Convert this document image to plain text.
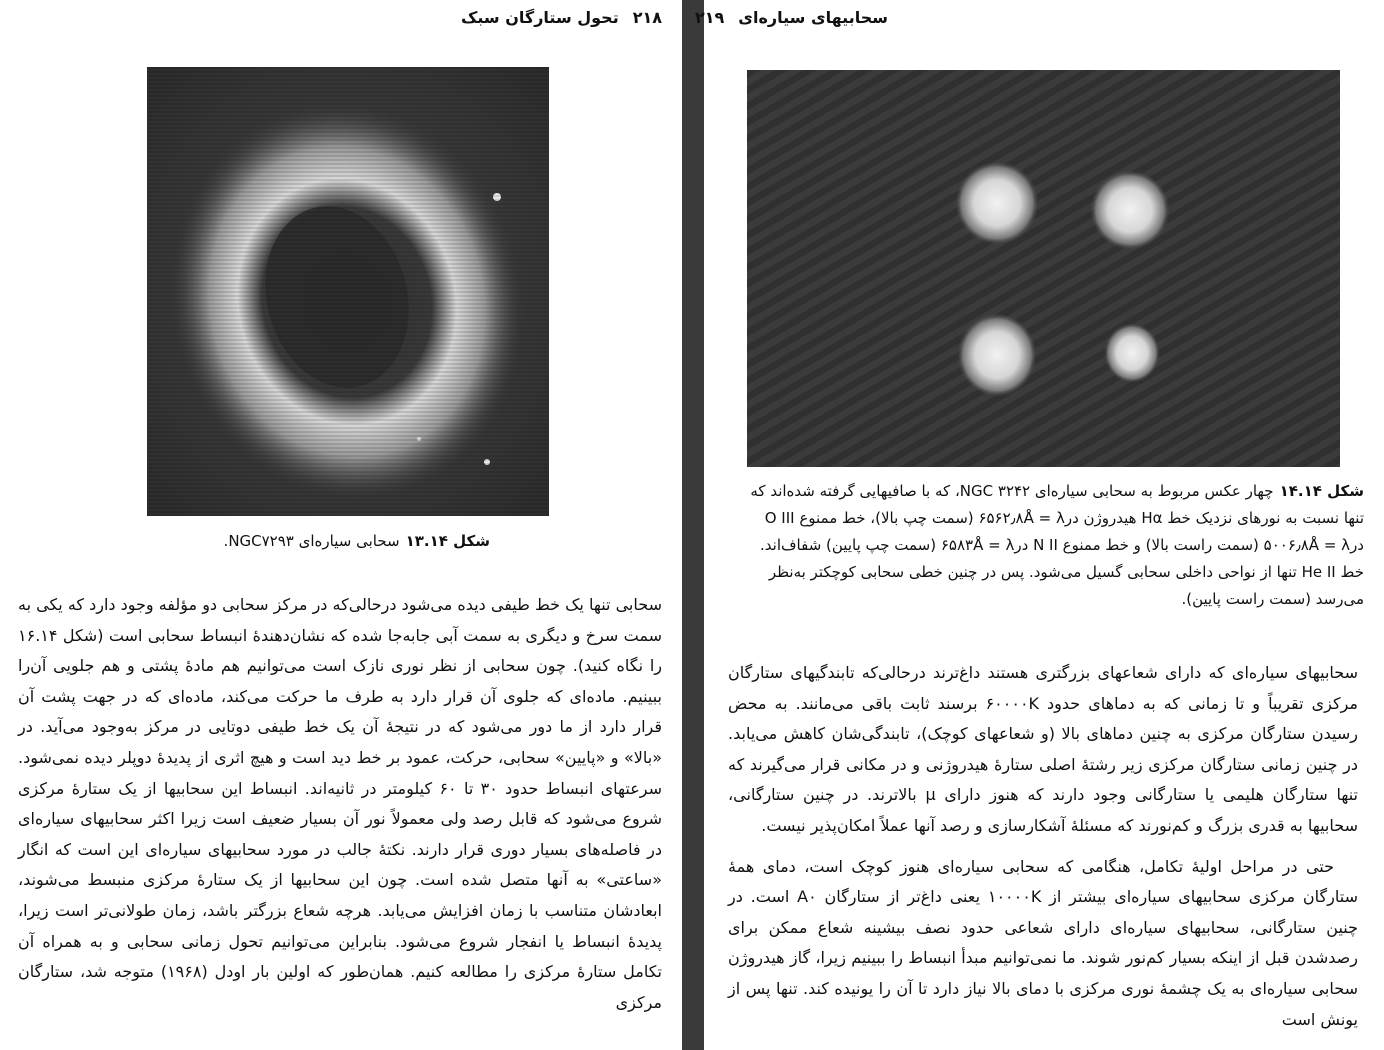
۲۱۸تحول ستارگان سبک
شکل ۱۳.۱۴سحابی سیاره‌ای NGC۷۲۹۳.

سحابی تنها یک خط طیفی دیده می‌شود درحالی‌که در مرکز سحابی دو مؤلفه وجود دارد که یکی به سمت سرخ و دیگری به سمت آبی جابه‌جا شده که نشان‌دهندهٔ انبساط سحابی است (شکل ۱۶.۱۴ را نگاه کنید). چون سحابی از نظر نوری نازک است می‌توانیم هم مادهٔ پشتی و هم جلویی آن‌را ببینیم. ماده‌ای که جلوی آن قرار دارد به طرف ما حرکت می‌کند، ماده‌ای که در جهت پشت آن قرار دارد از ما دور می‌شود که در نتیجهٔ آن یک خط طیفی دوتایی در مرکز به‌وجود می‌آید. در «بالا» و «پایین» سحابی، حرکت، عمود بر خط دید است و هیچ اثری از پدیدهٔ دوپلر دیده نمی‌شود. سرعتهای انبساط حدود ۳۰ تا ۶۰ کیلومتر در ثانیه‌اند. انبساط این سحابیها از یک ستارهٔ مرکزی شروع می‌شود که قابل رصد ولی معمولاً نور آن بسیار ضعیف است زیرا اکثر سحابیهای سیاره‌ای در فاصله‌های بسیار دوری قرار دارند. نکتهٔ جالب در مورد سحابیهای سیاره‌ای این است که انگار «ساعتی» به آنها متصل شده است. چون این سحابیها از یک ستارهٔ مرکزی منبسط می‌شوند، ابعادشان متناسب با زمان افزایش می‌یابد. هرچه شعاع بزرگتر باشد، زمان طولانی‌تر است زیرا، پدیدهٔ انبساط یا انفجار شروع می‌شود. بنابراین می‌توانیم تحول زمانی سحابی و به همراه آن تکامل ستارهٔ مرکزی را مطالعه کنیم. همان‌طور که اولین بار اودل (۱۹۶۸) متوجه شد، ستارگان مرکزی

سحابیهای سیاره‌ای۲۱۹
شکل ۱۴.۱۴چهار عکس مربوط به سحابی سیاره‌ای NGC ۳۲۴۲، که با صافیهایی گرفته شده‌اند که تنها نسبت به نورهای نزدیک خط Hα هیدروژن در۶۵۶۲٫۸Å = λ (سمت چپ بالا)، خط ممنوع O III در۵۰۰۶٫۸Å = λ (سمت راست بالا) و خط ممنوع N II در۶۵۸۳Å = λ (سمت چپ پایین) شفاف‌اند. خط He II تنها از نواحی داخلی سحابی گسیل می‌شود. پس در چنین خطی سحابی کوچکتر به‌نظر می‌رسد (سمت راست پایین).

سحابیهای سیاره‌ای که دارای شعاعهای بزرگتری هستند داغ‌ترند درحالی‌که تابندگیهای ستارگان مرکزی تقریباً و تا زمانی که به دماهای حدود ۶۰۰۰۰K برسند ثابت باقی می‌مانند. به محض رسیدن ستارگان مرکزی به چنین دماهای بالا (و شعاعهای کوچک)، تابندگی‌شان کاهش می‌یابد. در چنین زمانی ستارگان مرکزی زیر رشتهٔ اصلی ستارهٔ هیدروژنی و در مکانی قرار می‌گیرند که تنها ستارگان هلیمی یا ستارگانی وجود دارند که هنوز دارای μ بالاترند. در چنین ستارگانی، سحابیها به قدری بزرگ و کم‌نورند که مسئلهٔ آشکارسازی و رصد آنها عملاً امکان‌پذیر نیست.

حتی در مراحل اولیهٔ تکامل، هنگامی که سحابی سیاره‌ای هنوز کوچک است، دمای همهٔ ستارگان مرکزی سحابیهای سیاره‌ای بیشتر از ۱۰۰۰۰K یعنی داغ‌تر از ستارگان A۰ است. در چنین ستارگانی، سحابیهای سیاره‌ای دارای شعاعی حدود نصف بیشینه شعاع ممکن برای رصدشدن قبل از اینکه بسیار کم‌نور شوند. ما نمی‌توانیم مبدأ انبساط را ببینیم زیرا، گاز هیدروژن سحابی سیاره‌ای به یک چشمهٔ نوری مرکزی با دمای بالا نیاز دارد تا آن را یونیده کند. تنها پس از یونش است
